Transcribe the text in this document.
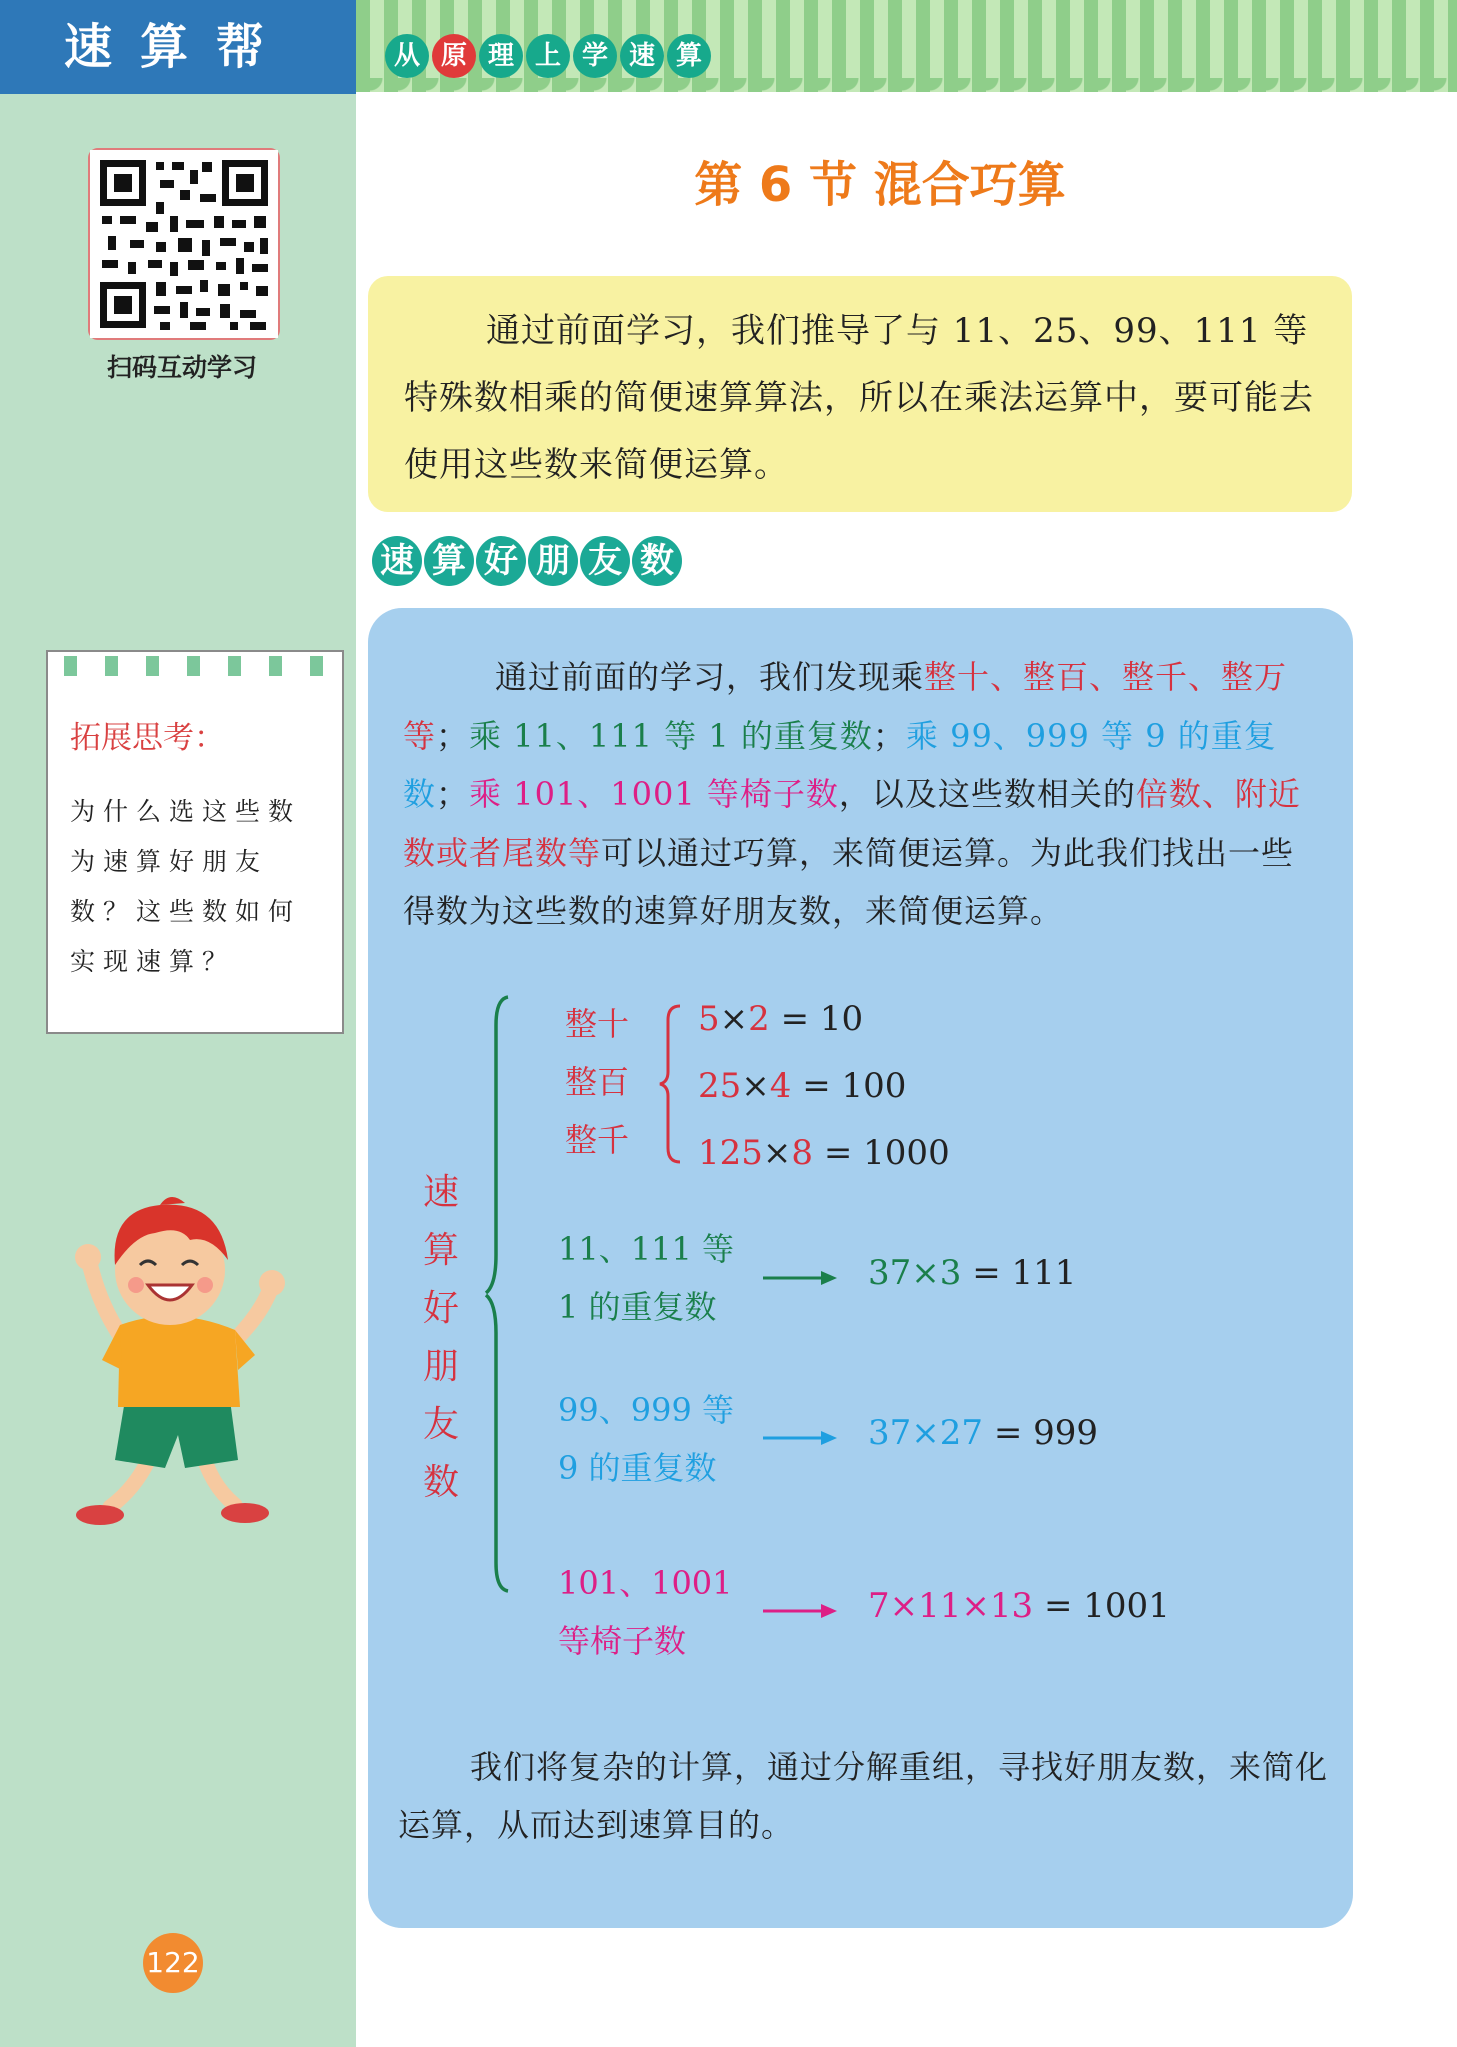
速算帮
扫码互动学习
拓展思考：
为什么选这些数为速算好朋友数？这些数如何实现速算？
122
从 原 理 上 学 速 算
第 6 节 混合巧算
通过前面学习，我们推导了与 11、25、99、111 等特殊数相乘的简便速算算法，所以在乘法运算中，要可能去使用这些数来简便运算。
速 算 好 朋 友 数
通过前面的学习，我们发现乘整十、整百、整千、整万等；乘 11、111 等 1 的重复数；乘 99、999 等 9 的重复数；乘 101、1001 等椅子数，以及这些数相关的倍数、附近数或者尾数等可以通过巧算，来简便运算。为此我们找出一些得数为这些数的速算好朋友数，来简便运算。
速
算
好
朋
友
数
整十
整百
整千
5×2 = 10
25×4 = 100
125×8 = 1000
11、111 等
1 的重复数
37×3 = 111
99、999 等
9 的重复数
37×27 = 999
101、1001
等椅子数
7×11×13 = 1001
我们将复杂的计算，通过分解重组，寻找好朋友数，来简化运算，从而达到速算目的。
